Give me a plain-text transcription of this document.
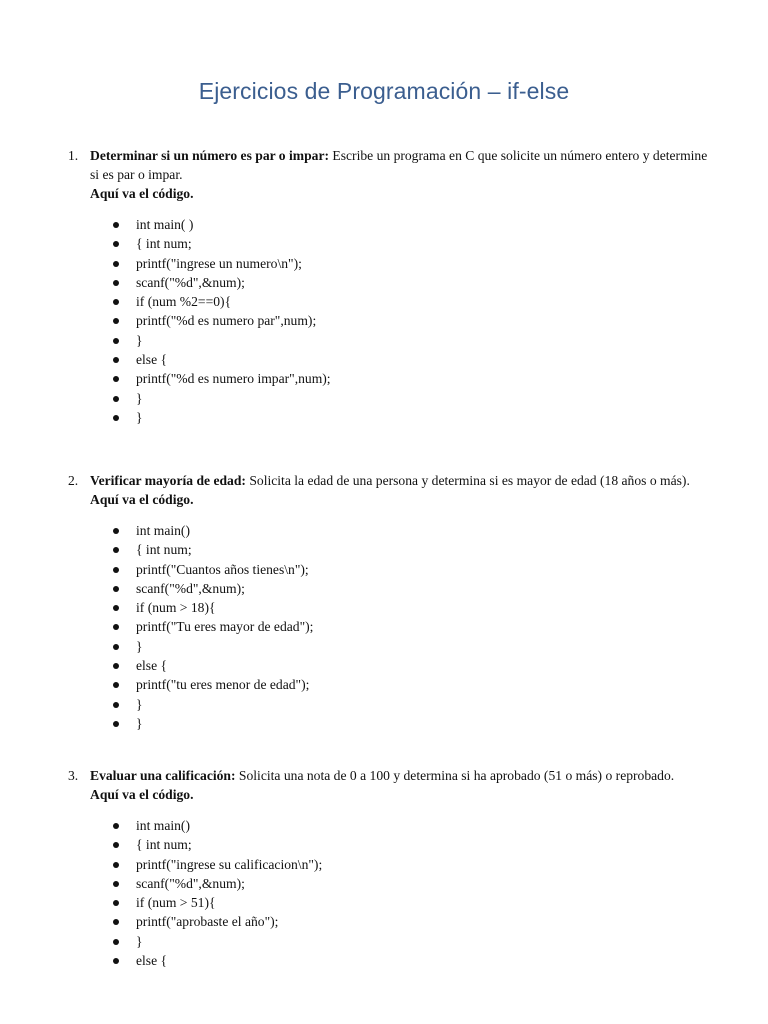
Ejercicios de Programación – if-else
1. Determinar si un número es par o impar: Escribe un programa en C que solicite un número entero y determine si es par o impar.
Aquí va el código.
int main( )
{ int num;
printf("ingrese un numero\n");
scanf("%d",&num);
if (num %2==0){
printf("%d es numero par",num);
}
else {
printf("%d es numero impar",num);
}
}
2. Verificar mayoría de edad: Solicita la edad de una persona y determina si es mayor de edad (18 años o más).
Aquí va el código.
int main()
{ int num;
printf("Cuantos años tienes\n");
scanf("%d",&num);
if (num > 18){
printf("Tu eres mayor de edad");
}
else {
printf("tu eres menor de edad");
}
}
3. Evaluar una calificación: Solicita una nota de 0 a 100 y determina si ha aprobado (51 o más) o reprobado.
Aquí va el código.
int main()
{ int num;
printf("ingrese su calificacion\n");
scanf("%d",&num);
if (num > 51){
printf("aprobaste el año");
}
else {
